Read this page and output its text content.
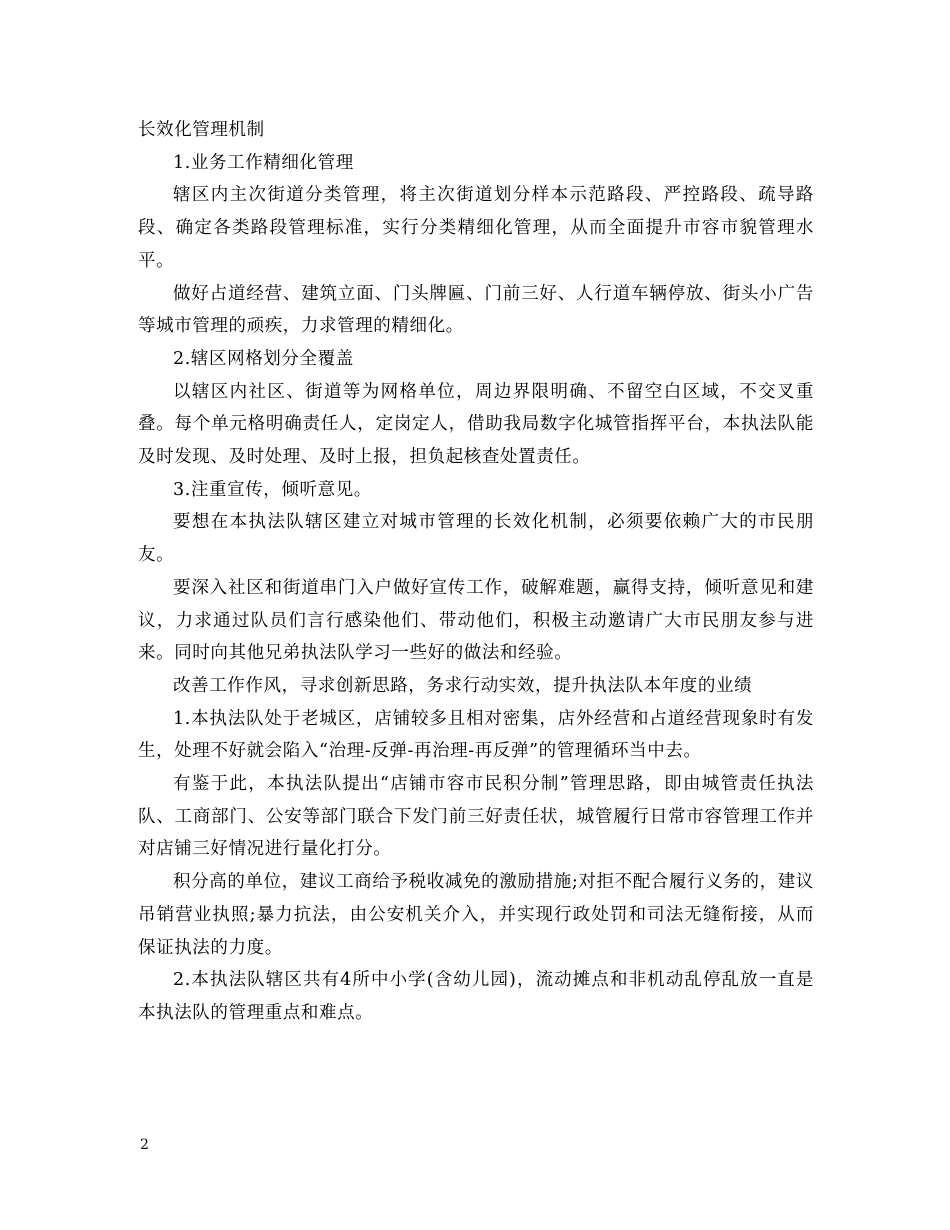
长效化管理机制

1.业务工作精细化管理

辖区内主次街道分类管理，将主次街道划分样本示范路段、严控路段、疏导路段、确定各类路段管理标准，实行分类精细化管理，从而全面提升市容市貌管理水平。

做好占道经营、建筑立面、门头牌匾、门前三好、人行道车辆停放、街头小广告等城市管理的顽疾，力求管理的精细化。

2.辖区网格划分全覆盖

以辖区内社区、街道等为网格单位，周边界限明确、不留空白区域，不交叉重叠。每个单元格明确责任人，定岗定人，借助我局数字化城管指挥平台，本执法队能及时发现、及时处理、及时上报，担负起核查处置责任。

3.注重宣传，倾听意见。

要想在本执法队辖区建立对城市管理的长效化机制，必须要依赖广大的市民朋友。

要深入社区和街道串门入户做好宣传工作，破解难题，赢得支持，倾听意见和建议，力求通过队员们言行感染他们、带动他们，积极主动邀请广大市民朋友参与进来。同时向其他兄弟执法队学习一些好的做法和经验。

改善工作作风，寻求创新思路，务求行动实效，提升执法队本年度的业绩

1.本执法队处于老城区，店铺较多且相对密集，店外经营和占道经营现象时有发生，处理不好就会陷入“治理-反弹-再治理-再反弹”的管理循环当中去。

有鉴于此，本执法队提出“店铺市容市民积分制”管理思路，即由城管责任执法队、工商部门、公安等部门联合下发门前三好责任状，城管履行日常市容管理工作并对店铺三好情况进行量化打分。

积分高的单位，建议工商给予税收减免的激励措施;对拒不配合履行义务的，建议吊销营业执照;暴力抗法，由公安机关介入，并实现行政处罚和司法无缝衔接，从而保证执法的力度。

2.本执法队辖区共有4所中小学(含幼儿园)，流动摊点和非机动乱停乱放一直是本执法队的管理重点和难点。

2
